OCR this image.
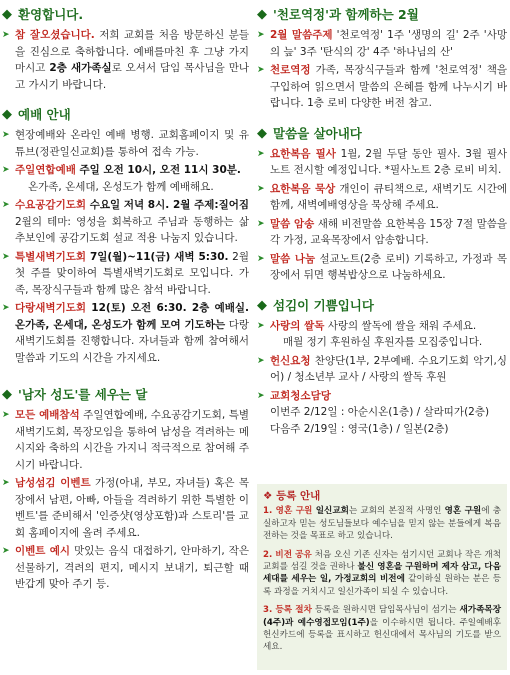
◆ 환영합니다.
➤ 참 잘오셨습니다. 저희 교회를 처음 방문하신 분들을 진심으로 축하합니다. 예배를마친 후 그냥 가지 마시고 2층 새가족실로 오셔서 담임 목사님을 만나고 가시기 바랍니다.
◆ 예배 안내
➤ 현장예배와 온라인 예배 병행. 교회홈페이지 및 유튜브(정관일신교회)를 통하여 접속 가능.
➤ 주일연합예배 주일 오전 10시, 오전 11시 30분.
온가족, 온세대, 온성도가 함께 예배해요.
➤ 수요공감기도회 수요일 저녁 8시. 2월 주제:질어짐 2월의 테마: 영성을 회복하고 주님과 동행하는 삶 추보인에 공감기도회 설교 적용 나눔지 있습니다.
➤ 특별새벽기도회 7일(월)~11(금) 새벽 5:30. 2월 첫 주를 맞이하여 특별새벽기도회로 모입니다. 가족, 목장식구들과 함께 많은 참석 바랍니다.
➤ 다랑새벽기도회 12(토) 오전 6:30. 2층 예배실. 온가족, 온세대, 온성도가 함께 모여 기도하는 다랑새벽기도회를 진행합니다. 자녀들과 함께 참여해서 말씀과 기도의 시간을 가지세요.
◆ '남자 성도'를 세우는 달
➤ 모든 예배참석 주일연합예배, 수요공감기도회, 특별새벽기도회, 목장모임을 통하여 남성을 격려하는 메시지와 축하의 시간을 가지니 적극적으로 참여해 주시기 바랍니다.
➤ 남성섬김 이벤트 가정(아내, 부모, 자녀들) 혹은 목장에서 남편, 아빠, 아들을 격려하기 위한 특별한 이벤트'를 준비해서 '인증샷(영상포함)과 스토리'를 교회 홈페이지에 올려 주세요.
➤ 이벤트 예시 맛있는 음식 대접하기, 안마하기, 작은 선물하기, 격려의 편지, 메시지 보내기, 퇴근할 때 반갑게 맞아 주기 등.
◆ '천로역정'과 함께하는 2월
➤ 2월 말씀주제 '천로역정' 1주 '생명의 길' 2주 '사망의 늪' 3주 '탄식의 강' 4주 '하나님의 산'
➤ 천로역정 가족, 목장식구들과 함께 '천로역정' 책을 구입하여 읽으면서 말씀의 은혜를 함께 나누시기 바랍니다. 1층 로비 다양한 버전 참고.
◆ 말씀을 살아내다
➤ 요한복음 필사 1월, 2월 두달 동안 필사. 3월 필사 노트 전시할 예정입니다. *필사노트 2층 로비 비치.
➤ 요한복음 묵상 개인이 큐티책으로, 새벽기도 시간에 함께, 새벽예배영상을 묵상해 주세요.
➤ 말씀 암송 새해 비전말씀 요한복음 15장 7절 말씀을 각 가정, 교육목장에서 암송합니다.
➤ 말씀 나눔 설교노트(2층 로비) 기록하고, 가정과 목장에서 뒤면 행복밥상으로 나눔하세요.
◆ 섬김이 기쁨입니다
➤ 사랑의 쌀독 사랑의 쌀독에 쌀을 채워 주세요.
매월 정기 후원하실 후원자를 모집중입니다.
➤ 헌신요청 찬양단(1부, 2부예배. 수요기도회 악기,싱어) / 청소년부 교사 / 사랑의 쌀독 후원
➤ 교회청소담당
이번주 2/12일 : 아순시온(1층) / 살라띠가(2층)
다음주 2/19일 : 영국(1층) / 일본(2층)
❖ 등록 안내

1. 영혼 구원 일신교회는 교회의 본질적 사명인 영혼 구원에 충실하고자 믿는 성도님들보다 예수님을 믿지 않는 분들에게 복음 전하는 것을 목표로 하고 있습니다.

2. 비전 공유 처음 오신 기존 신자는 섬기시던 교회나 작은 개척교회를 섬길 것을 권하나 불신 영혼을 구원하며 제자 삼고, 다음 세대를 세우는 일, 가정교회의 비전에 같이하실 원하는 분은 등록 과정을 거치시고 일신가족이 되실 수 있습니다.

3. 등록 절차 등록을 원하시면 담임목사님이 섬기는 새가족목장(4주)과 예수영접모임(1주)을 이수하시면 됩니다. 주일예배후 헌신카드에 등록을 표시하고 헌신대에서 목사님의 기도를 받으세요.
